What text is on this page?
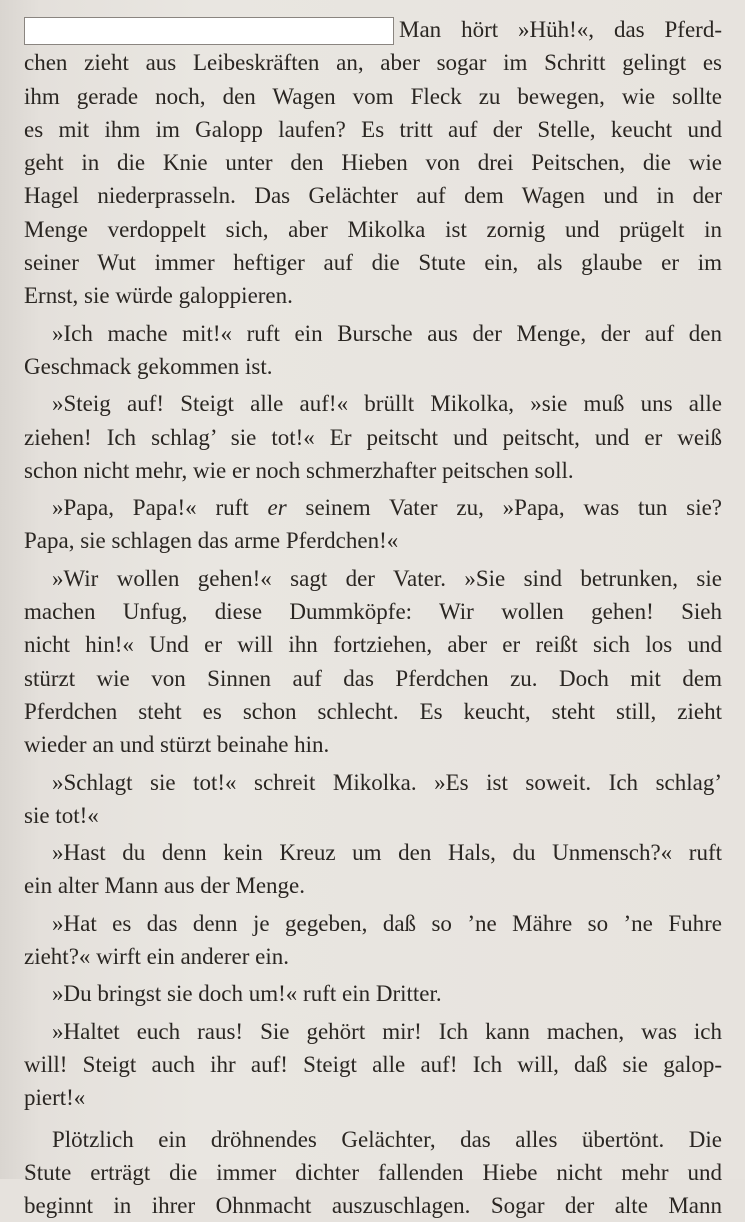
Man hört »Hüh!«, das Pferd-
chen zieht aus Leibeskräften an, aber sogar im Schritt gelingt es
ihm gerade noch, den Wagen vom Fleck zu bewegen, wie sollte
es mit ihm im Galopp laufen? Es tritt auf der Stelle, keucht und
geht in die Knie unter den Hieben von drei Peitschen, die wie
Hagel niederprasseln. Das Gelächter auf dem Wagen und in der
Menge verdoppelt sich, aber Mikolka ist zornig und prügelt in
seiner Wut immer heftiger auf die Stute ein, als glaube er im
Ernst, sie würde galoppieren.
»Ich mache mit!« ruft ein Bursche aus der Menge, der auf den
Geschmack gekommen ist.
»Steig auf! Steigt alle auf!« brüllt Mikolka, »sie muß uns alle
ziehen! Ich schlag’ sie tot!« Er peitscht und peitscht, und er weiß
schon nicht mehr, wie er noch schmerzhafter peitschen soll.
»Papa, Papa!« ruft er seinem Vater zu, »Papa, was tun sie?
Papa, sie schlagen das arme Pferdchen!«
»Wir wollen gehen!« sagt der Vater. »Sie sind betrunken, sie
machen Unfug, diese Dummköpfe: Wir wollen gehen! Sieh
nicht hin!« Und er will ihn fortziehen, aber er reißt sich los und
stürzt wie von Sinnen auf das Pferdchen zu. Doch mit dem
Pferdchen steht es schon schlecht. Es keucht, steht still, zieht
wieder an und stürzt beinahe hin.
»Schlagt sie tot!« schreit Mikolka. »Es ist soweit. Ich schlag’
sie tot!«
»Hast du denn kein Kreuz um den Hals, du Unmensch?« ruft
ein alter Mann aus der Menge.
»Hat es das denn je gegeben, daß so ’ne Mähre so ’ne Fuhre
zieht?« wirft ein anderer ein.
»Du bringst sie doch um!« ruft ein Dritter.
»Haltet euch raus! Sie gehört mir! Ich kann machen, was ich
will! Steigt auch ihr auf! Steigt alle auf! Ich will, daß sie galop-
piert!«
Plötzlich ein dröhnendes Gelächter, das alles übertönt. Die
Stute erträgt die immer dichter fallenden Hiebe nicht mehr und
beginnt in ihrer Ohnmacht auszuschlagen. Sogar der alte Mann
